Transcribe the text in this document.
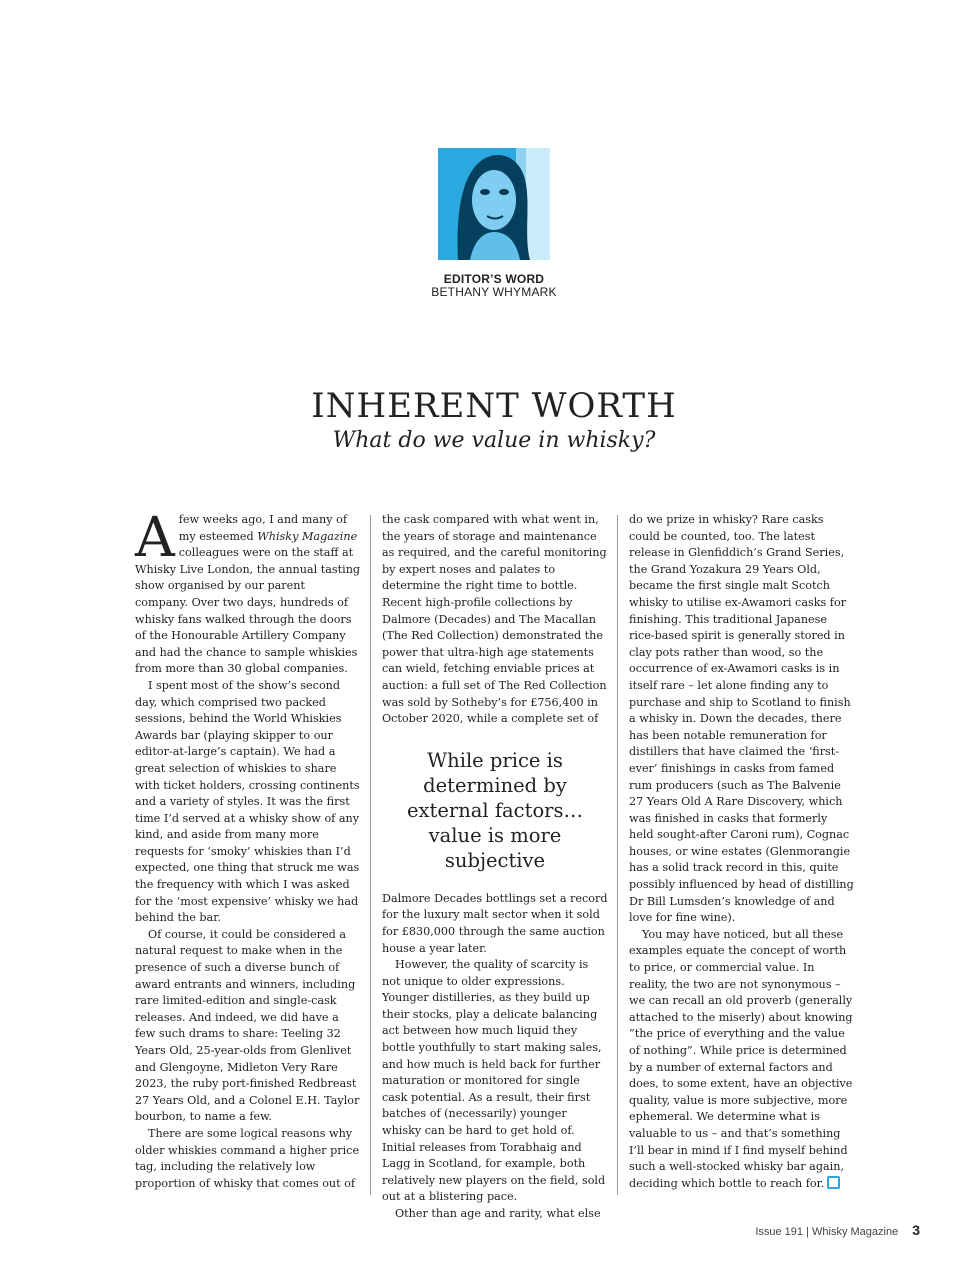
EDITOR’S WORD
BETHANY WHYMARK
INHERENT WORTH
What do we value in whisky?

Afew weeks ago, I and many of my esteemed Whisky Magazine colleagues were on the staff at Whisky Live London, the annual tasting show organised by our parent company. Over two days, hundreds of whisky fans walked through the doors of the Honourable Artillery Company and had the chance to sample whiskies from more than 30 global companies.

I spent most of the show’s second day, which comprised two packed sessions, behind the World Whiskies Awards bar (playing skipper to our editor-at-large’s captain). We had a great selection of whiskies to share with ticket holders, crossing continents and a variety of styles. It was the first time I’d served at a whisky show of any kind, and aside from many more requests for ‘smoky’ whiskies than I’d expected, one thing that struck me was the frequency with which I was asked for the ‘most expensive’ whisky we had behind the bar.

Of course, it could be considered a natural request to make when in the presence of such a diverse bunch of award entrants and winners, including rare limited-edition and single-cask releases. And indeed, we did have a few such drams to share: Teeling 32 Years Old, 25-year-olds from Glenlivet and Glengoyne, Midleton Very Rare 2023, the ruby port-finished Redbreast 27 Years Old, and a Colonel E.H. Taylor bourbon, to name a few.

There are some logical reasons why older whiskies command a higher price tag, including the relatively low proportion of whisky that comes out of

the cask compared with what went in, the years of storage and maintenance as required, and the careful monitoring by expert noses and palates to determine the right time to bottle. Recent high-profile collections by Dalmore (Decades) and The Macallan (The Red Collection) demonstrated the power that ultra-high age statements can wield, fetching enviable prices at auction: a full set of The Red Collection was sold by Sotheby’s for £756,400 in October 2020, while a complete set of

While price is determined by external factors…value is more subjective

Dalmore Decades bottlings set a record for the luxury malt sector when it sold for £830,000 through the same auction house a year later.

However, the quality of scarcity is not unique to older expressions. Younger distilleries, as they build up their stocks, play a delicate balancing act between how much liquid they bottle youthfully to start making sales, and how much is held back for further maturation or monitored for single cask potential. As a result, their first batches of (necessarily) younger whisky can be hard to get hold of. Initial releases from Torabhaig and Lagg in Scotland, for example, both relatively new players on the field, sold out at a blistering pace.

Other than age and rarity, what else

do we prize in whisky? Rare casks could be counted, too. The latest release in Glenfiddich’s Grand Series, the Grand Yozakura 29 Years Old, became the first single malt Scotch whisky to utilise ex-Awamori casks for finishing. This traditional Japanese rice-based spirit is generally stored in clay pots rather than wood, so the occurrence of ex-Awamori casks is in itself rare – let alone finding any to purchase and ship to Scotland to finish a whisky in. Down the decades, there has been notable remuneration for distillers that have claimed the ‘first-ever’ finishings in casks from famed rum producers (such as The Balvenie 27 Years Old A Rare Discovery, which was finished in casks that formerly held sought-after Caroni rum), Cognac houses, or wine estates (Glenmorangie has a solid track record in this, quite possibly influenced by head of distilling Dr Bill Lumsden’s knowledge of and love for fine wine).

You may have noticed, but all these examples equate the concept of worth to price, or commercial value. In reality, the two are not synonymous – we can recall an old proverb (generally attached to the miserly) about knowing “the price of everything and the value of nothing”. While price is determined by a number of external factors and does, to some extent, have an objective quality, value is more subjective, more ephemeral. We determine what is valuable to us – and that’s something I’ll bear in mind if I find myself behind such a well-stocked whisky bar again, deciding which bottle to reach for.

Issue 191 | Whisky Magazine 3
